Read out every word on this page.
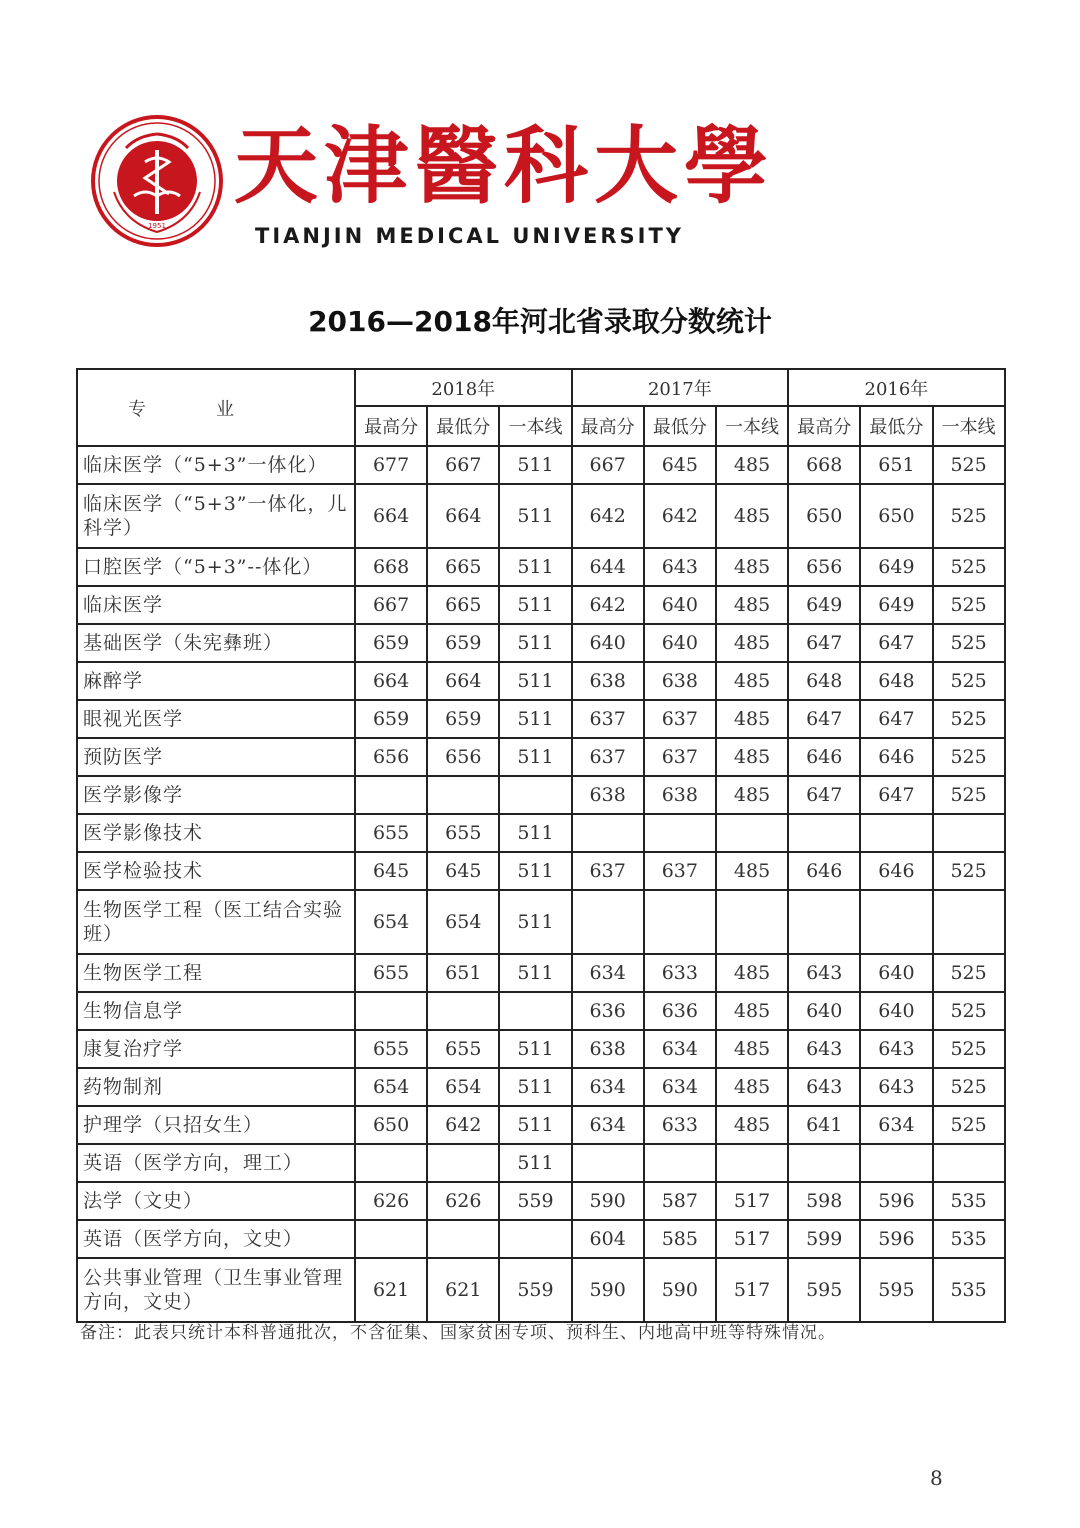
1951
天津醫科大學
TIANJIN MEDICAL UNIVERSITY
2016—2018年河北省录取分数统计
专业	2018年			2017年			2016年		
	最高分	最低分	一本线	最高分	最低分	一本线	最高分	最低分	一本线
临床医学（“5+3”一体化）	677	667	511	667	645	485	668	651	525
临床医学（“5+3”一体化，儿科学）	664	664	511	642	642	485	650	650	525
口腔医学（“5+3”--体化）	668	665	511	644	643	485	656	649	525
临床医学	667	665	511	642	640	485	649	649	525
基础医学（朱宪彝班）	659	659	511	640	640	485	647	647	525
麻醉学	664	664	511	638	638	485	648	648	525
眼视光医学	659	659	511	637	637	485	647	647	525
预防医学	656	656	511	637	637	485	646	646	525
医学影像学				638	638	485	647	647	525
医学影像技术	655	655	511						
医学检验技术	645	645	511	637	637	485	646	646	525
生物医学工程（医工结合实验班）	654	654	511						
生物医学工程	655	651	511	634	633	485	643	640	525
生物信息学				636	636	485	640	640	525
康复治疗学	655	655	511	638	634	485	643	643	525
药物制剂	654	654	511	634	634	485	643	643	525
护理学（只招女生）	650	642	511	634	633	485	641	634	525
英语（医学方向，理工）			511						
法学（文史）	626	626	559	590	587	517	598	596	535
英语（医学方向，文史）				604	585	517	599	596	535
公共事业管理（卫生事业管理方向，文史）	621	621	559	590	590	517	595	595	535
备注：此表只统计本科普通批次，不含征集、国家贫困专项、预科生、内地高中班等特殊情况。
8
